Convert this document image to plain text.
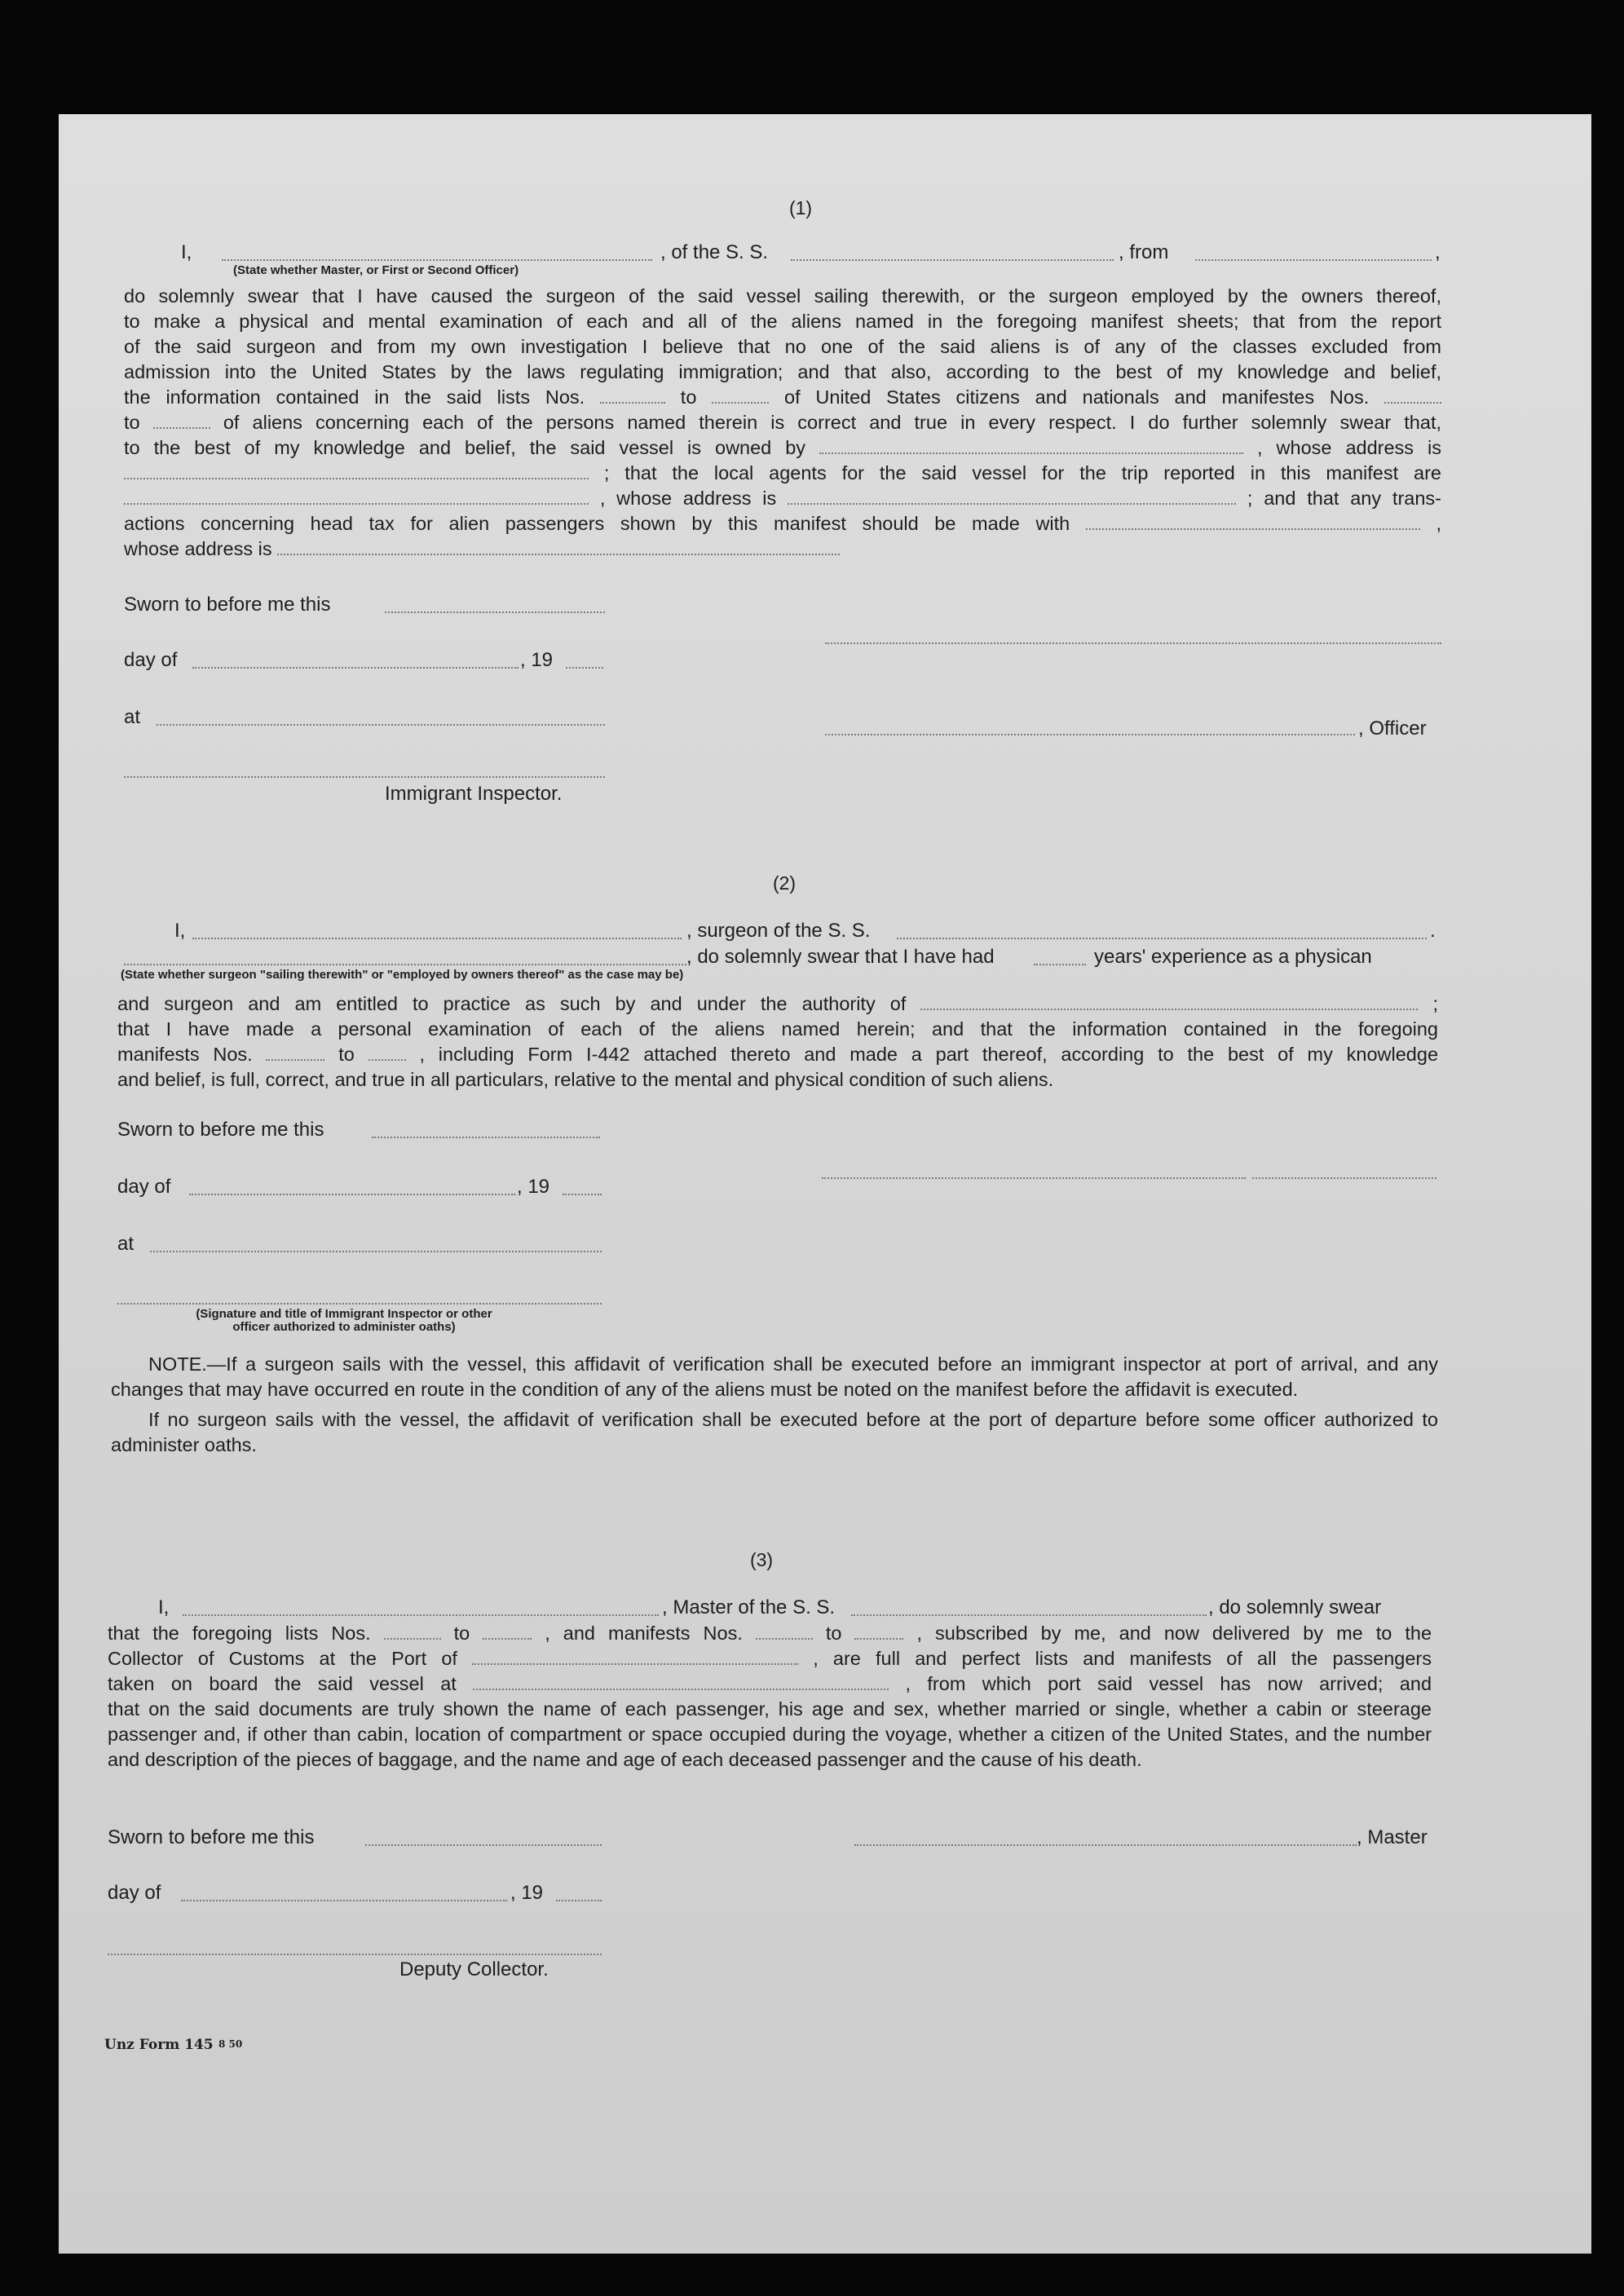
(1)
I,	, of the S. S.	, from	,
(State whether Master, or First or Second Officer)
do solemnly swear that I have caused the surgeon of the said vessel sailing therewith, or the surgeon employed by the owners thereof,
to make a physical and mental examination of each and all of the aliens named in the foregoing manifest sheets; that from the report
of the said surgeon and from my own investigation I believe that no one of the said aliens is of any of the classes excluded from
admission into the United States by the laws regulating immigration; and that also, according to the best of my knowledge and belief,
the information contained in the said lists Nos.	to	of United States citizens and nationals and manifestes Nos.
to	of aliens concerning each of the persons named therein is correct and true in every respect. I do further solemnly swear that,
to the best of my knowledge and belief, the said vessel is owned by	, whose address is
; that the local agents for the said vessel for the trip reported in this manifest are
, whose address is	; and that any trans-
actions concerning head tax for alien passengers shown by this manifest should be made with	,
whose address is
Sworn to before me this
day of	, 19
at
, Officer
Immigrant Inspector.
(2)
I,	, surgeon of the S. S.	.
, do solemnly swear that I have had	years' experience as a physican
(State whether surgeon "sailing therewith" or "employed by owners thereof" as the case may be)
and surgeon and am entitled to practice as such by and under the authority of	;
that I have made a personal examination of each of the aliens named herein; and that the information contained in the foregoing
manifests Nos.	to	, including Form I-442 attached thereto and made a part thereof, according to the best of my knowledge
and belief, is full, correct, and true in all particulars, relative to the mental and physical condition of such aliens.
Sworn to before me this
day of	, 19
at
(Signature and title of Immigrant Inspector or other
officer authorized to administer oaths)
NOTE.—If a surgeon sails with the vessel, this affidavit of verification shall be executed before an immigrant inspector at port of arrival, and any changes that may have occurred en route in the condition of any of the aliens must be noted on the manifest before the affidavit is executed.
If no surgeon sails with the vessel, the affidavit of verification shall be executed before at the port of departure before some officer authorized to administer oaths.
(3)
I,	, Master of the S. S.	, do solemnly swear
that the foregoing lists Nos.	to	, and manifests Nos.	to	, subscribed by me, and now delivered by me to the
Collector of Customs at the Port of	, are full and perfect lists and manifests of all the passengers
taken on board the said vessel at	, from which port said vessel has now arrived; and
that on the said documents are truly shown the name of each passenger, his age and sex, whether married or single, whether a cabin or steerage passenger and, if other than cabin, location of compartment or space occupied during the voyage, whether a citizen of the United States, and the number and description of the pieces of baggage, and the name and age of each deceased passenger and the cause of his death.
Sworn to before me this	, Master
day of	, 19
Deputy Collector.
Unz Form 145 8 50
